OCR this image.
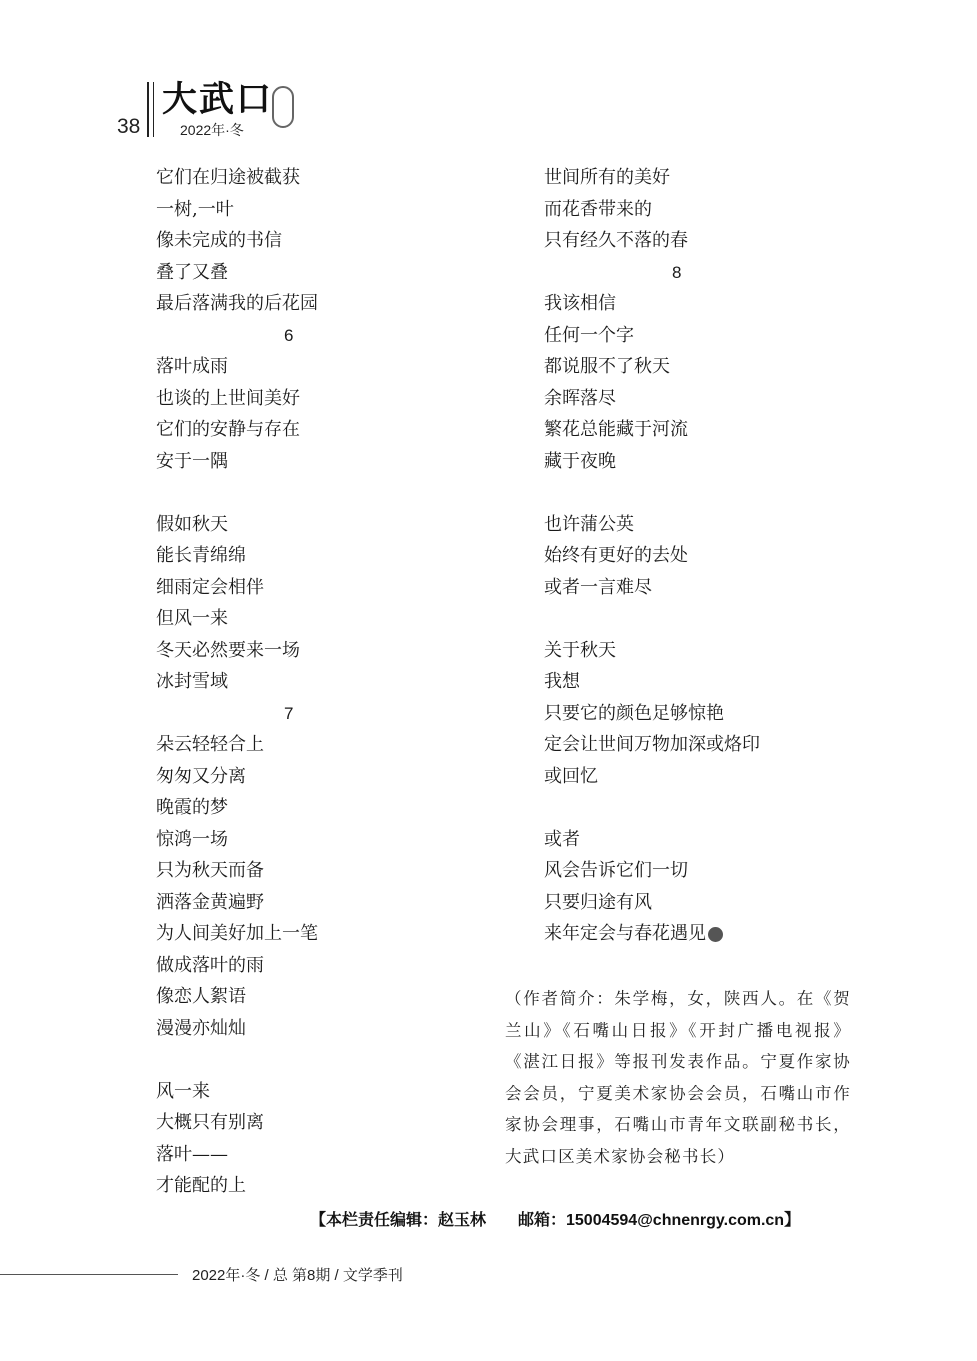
38
大武口
2022年·冬
它们在归途被截获
一树,一叶
像未完成的书信
叠了又叠
最后落满我的后花园
6
落叶成雨
也谈的上世间美好
它们的安静与存在
安于一隅
假如秋天
能长青绵绵
细雨定会相伴
但风一来
冬天必然要来一场
冰封雪域
7
朵云轻轻合上
匆匆又分离
晚霞的梦
惊鸿一场
只为秋天而备
洒落金黄遍野
为人间美好加上一笔
做成落叶的雨
像恋人絮语
漫漫亦灿灿
风一来
大概只有别离
落叶——
才能配的上
世间所有的美好
而花香带来的
只有经久不落的春
8
我该相信
任何一个字
都说服不了秋天
余晖落尽
繁花总能藏于河流
藏于夜晚
也许蒲公英
始终有更好的去处
或者一言难尽
关于秋天
我想
只要它的颜色足够惊艳
定会让世间万物加深或烙印
或回忆
或者
风会告诉它们一切
只要归途有风
来年定会与春花遇见
（作者简介：朱学梅，女，陕西人。在《贺兰山》《石嘴山日报》《开封广播电视报》《湛江日报》等报刊发表作品。宁夏作家协会会员，宁夏美术家协会会员，石嘴山市作家协会理事，石嘴山市青年文联副秘书长，大武口区美术家协会秘书长）
【本栏责任编辑：赵玉林　　邮箱：15004594@chnenrgy.com.cn】
2022年·冬 / 总 第8期 / 文学季刊
